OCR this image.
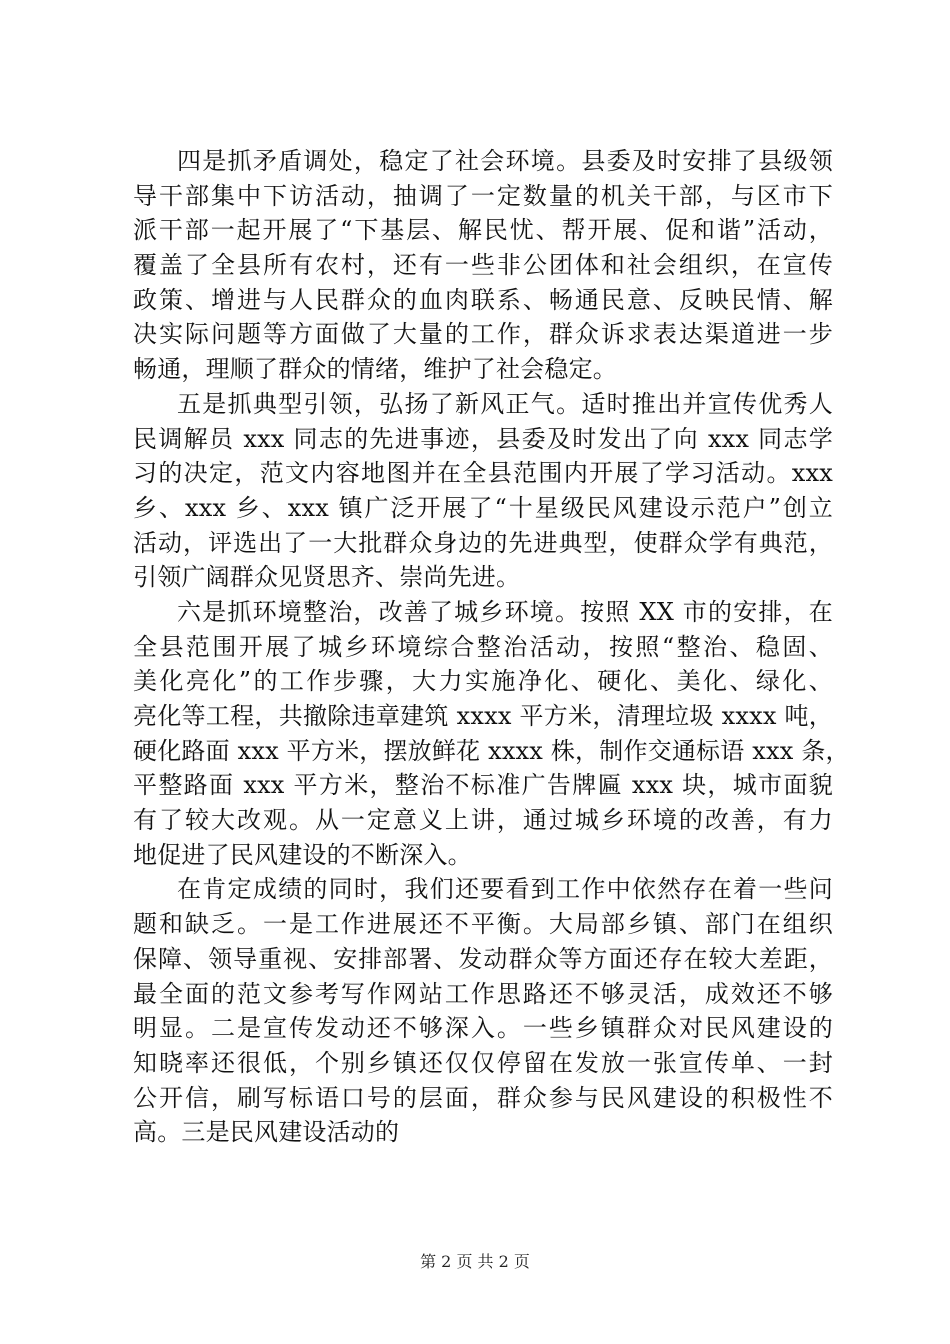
四是抓矛盾调处，稳定了社会环境。县委及时安排了县级领
导干部集中下访活动，抽调了一定数量的机关干部，与区市下
派干部一起开展了“下基层、解民忧、帮开展、促和谐”活动，
覆盖了全县所有农村，还有一些非公团体和社会组织，在宣传
政策、增进与人民群众的血肉联系、畅通民意、反映民情、解
决实际问题等方面做了大量的工作，群众诉求表达渠道进一步
畅通，理顺了群众的情绪，维护了社会稳定。
五是抓典型引领，弘扬了新风正气。适时推出并宣传优秀人
民调解员 xxx 同志的先进事迹，县委及时发出了向 xxx 同志学
习的决定，范文内容地图并在全县范围内开展了学习活动。xxx
乡、xxx 乡、xxx 镇广泛开展了“十星级民风建设示范户”创立
活动，评选出了一大批群众身边的先进典型，使群众学有典范，
引领广阔群众见贤思齐、崇尚先进。
六是抓环境整治，改善了城乡环境。按照 XX 市的安排，在
全县范围开展了城乡环境综合整治活动，按照“整治、稳固、
美化亮化”的工作步骤，大力实施净化、硬化、美化、绿化、
亮化等工程，共撤除违章建筑 xxxx 平方米，清理垃圾 xxxx 吨，
硬化路面 xxx 平方米，摆放鲜花 xxxx 株，制作交通标语 xxx 条，
平整路面 xxx 平方米，整治不标准广告牌匾 xxx 块，城市面貌
有了较大改观。从一定意义上讲，通过城乡环境的改善，有力
地促进了民风建设的不断深入。
在肯定成绩的同时，我们还要看到工作中依然存在着一些问
题和缺乏。一是工作进展还不平衡。大局部乡镇、部门在组织
保障、领导重视、安排部署、发动群众等方面还存在较大差距，
最全面的范文参考写作网站工作思路还不够灵活，成效还不够
明显。二是宣传发动还不够深入。一些乡镇群众对民风建设的
知晓率还很低，个别乡镇还仅仅停留在发放一张宣传单、一封
公开信，刷写标语口号的层面，群众参与民风建设的积极性不
高。三是民风建设活动的
第 2 页 共 2 页
